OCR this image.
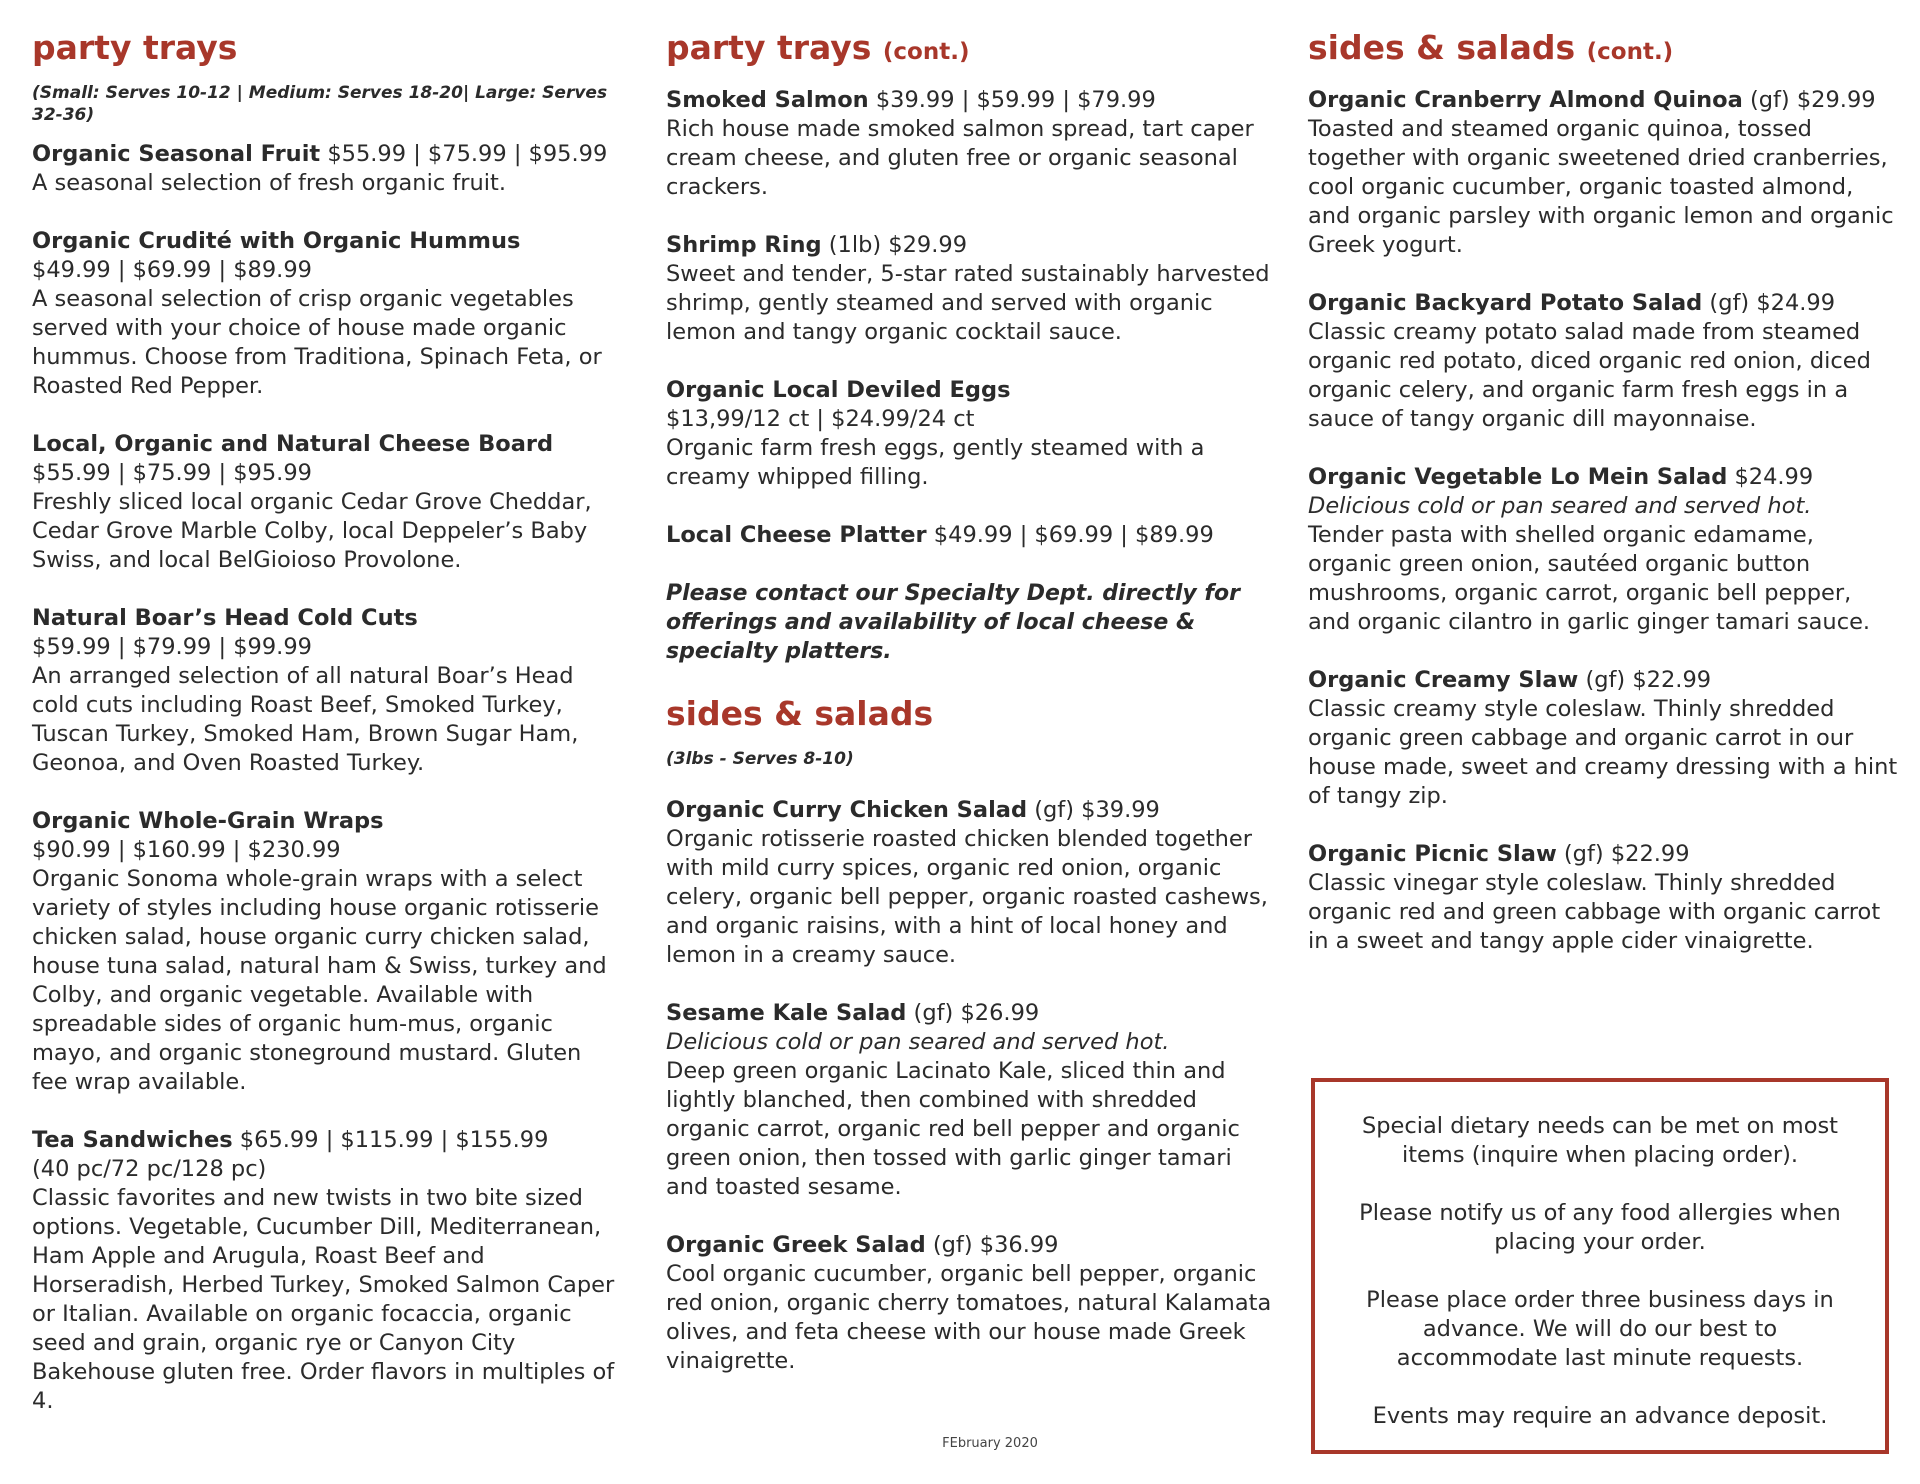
party trays
(Small: Serves 10-12 | Medium: Serves 18-20| Large: Serves 32-36)
Organic Seasonal Fruit $55.99 | $75.99 | $95.99
A seasonal selection of fresh organic fruit.
Organic Crudité with Organic Hummus
$49.99 | $69.99 | $89.99
A seasonal selection of crisp organic vegetables served with your choice of house made organic hummus. Choose from Traditiona, Spinach Feta, or Roasted Red Pepper.
Local, Organic and Natural Cheese Board
$55.99 | $75.99 | $95.99
Freshly sliced local organic Cedar Grove Cheddar, Cedar Grove Marble Colby, local Deppeler’s Baby Swiss, and local BelGioioso Provolone.
Natural Boar’s Head Cold Cuts
$59.99 | $79.99 | $99.99
An arranged selection of all natural Boar’s Head cold cuts including Roast Beef, Smoked Turkey, Tuscan Turkey, Smoked Ham, Brown Sugar Ham, Geonoa, and Oven Roasted Turkey.
Organic Whole-Grain Wraps
$90.99 | $160.99 | $230.99
Organic Sonoma whole-grain wraps with a select variety of styles including house organic rotisserie chicken salad, house organic curry chicken salad, house tuna salad, natural ham & Swiss, turkey and Colby, and organic vegetable. Available with spreadable sides of organic hum-mus, organic mayo, and organic stoneground mustard. Gluten fee wrap available.
Tea Sandwiches $65.99 | $115.99 | $155.99
(40 pc/72 pc/128 pc)
Classic favorites and new twists in two bite sized options. Vegetable, Cucumber Dill, Mediterranean, Ham Apple and Arugula, Roast Beef and Horseradish, Herbed Turkey, Smoked Salmon Caper or Italian. Available on organic focaccia, organic seed and grain, organic rye or Canyon City Bakehouse gluten free. Order flavors in multiples of 4.
party trays (cont.)
Smoked Salmon $39.99 | $59.99 | $79.99
Rich house made smoked salmon spread, tart caper cream cheese, and gluten free or organic seasonal crackers.
Shrimp Ring (1lb) $29.99
Sweet and tender, 5-star rated sustainably harvested shrimp, gently steamed and served with organic lemon and tangy organic cocktail sauce.
Organic Local Deviled Eggs
$13,99/12 ct | $24.99/24 ct
Organic farm fresh eggs, gently steamed with a creamy whipped filling.
Local Cheese Platter $49.99 | $69.99 | $89.99
Please contact our Specialty Dept. directly for offerings and availability of local cheese & specialty platters.
sides & salads
(3lbs - Serves 8-10)
Organic Curry Chicken Salad (gf) $39.99
Organic rotisserie roasted chicken blended together with mild curry spices, organic red onion, organic celery, organic bell pepper, organic roasted cashews, and organic raisins, with a hint of local honey and lemon in a creamy sauce.
Sesame Kale Salad (gf) $26.99
Delicious cold or pan seared and served hot.
Deep green organic Lacinato Kale, sliced thin and lightly blanched, then combined with shredded organic carrot, organic red bell pepper and organic green onion, then tossed with garlic ginger tamari and toasted sesame.
Organic Greek Salad (gf) $36.99
Cool organic cucumber, organic bell pepper, organic red onion, organic cherry tomatoes, natural Kalamata olives, and feta cheese with our house made Greek vinaigrette.
sides & salads (cont.)
Organic Cranberry Almond Quinoa (gf) $29.99
Toasted and steamed organic quinoa, tossed together with organic sweetened dried cranberries, cool organic cucumber, organic toasted almond, and organic parsley with organic lemon and organic Greek yogurt.
Organic Backyard Potato Salad (gf) $24.99
Classic creamy potato salad made from steamed organic red potato, diced organic red onion, diced organic celery, and organic farm fresh eggs in a sauce of tangy organic dill mayonnaise.
Organic Vegetable Lo Mein Salad $24.99
Delicious cold or pan seared and served hot.
Tender pasta with shelled organic edamame, organic green onion, sautéed organic button mushrooms, organic carrot, organic bell pepper, and organic cilantro in garlic ginger tamari sauce.
Organic Creamy Slaw (gf) $22.99
Classic creamy style coleslaw. Thinly shredded organic green cabbage and organic carrot in our house made, sweet and creamy dressing with a hint of tangy zip.
Organic Picnic Slaw (gf) $22.99
Classic vinegar style coleslaw. Thinly shredded organic red and green cabbage with organic carrot in a sweet and tangy apple cider vinaigrette.

Special dietary needs can be met on most items (inquire when placing order).

Please notify us of any food allergies when placing your order.

Please place order three business days in advance. We will do our best to accommodate last minute requests.

Events may require an advance deposit.

FEbruary 2020
